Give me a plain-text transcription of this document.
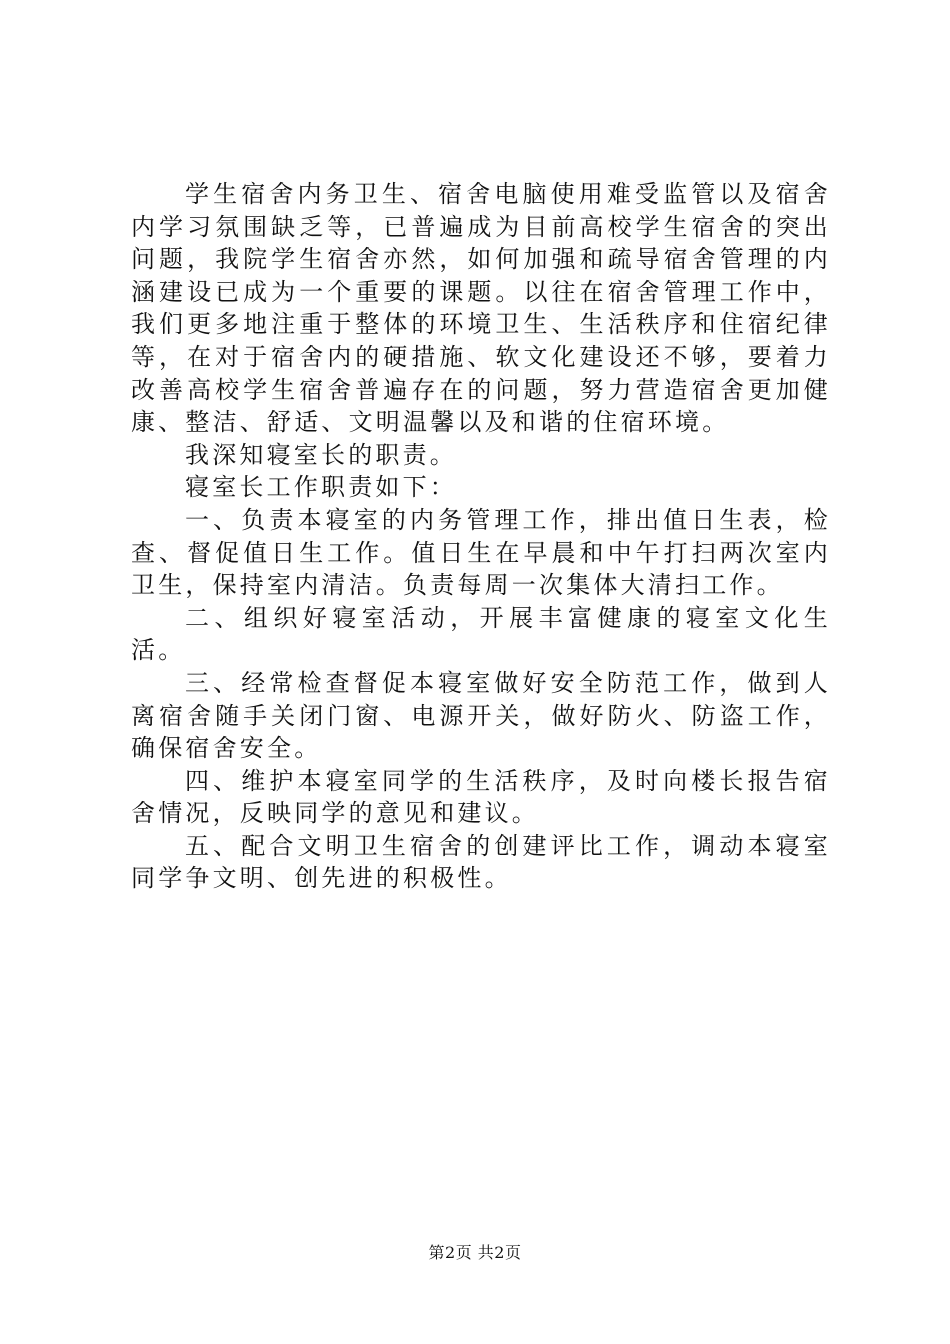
学生宿舍内务卫生、宿舍电脑使用难受监管以及宿舍内学习氛围缺乏等，已普遍成为目前高校学生宿舍的突出问题，我院学生宿舍亦然，如何加强和疏导宿舍管理的内涵建设已成为一个重要的课题。以往在宿舍管理工作中，我们更多地注重于整体的环境卫生、生活秩序和住宿纪律等，在对于宿舍内的硬措施、软文化建设还不够，要着力改善高校学生宿舍普遍存在的问题，努力营造宿舍更加健康、整洁、舒适、文明温馨以及和谐的住宿环境。

我深知寝室长的职责。

寝室长工作职责如下：

一、负责本寝室的内务管理工作，排出值日生表，检查、督促值日生工作。值日生在早晨和中午打扫两次室内卫生，保持室内清洁。负责每周一次集体大清扫工作。

二、组织好寝室活动，开展丰富健康的寝室文化生活。

三、经常检查督促本寝室做好安全防范工作，做到人离宿舍随手关闭门窗、电源开关，做好防火、防盗工作，确保宿舍安全。

四、维护本寝室同学的生活秩序，及时向楼长报告宿舍情况，反映同学的意见和建议。

五、配合文明卫生宿舍的创建评比工作，调动本寝室同学争文明、创先进的积极性。

第2页 共2页
